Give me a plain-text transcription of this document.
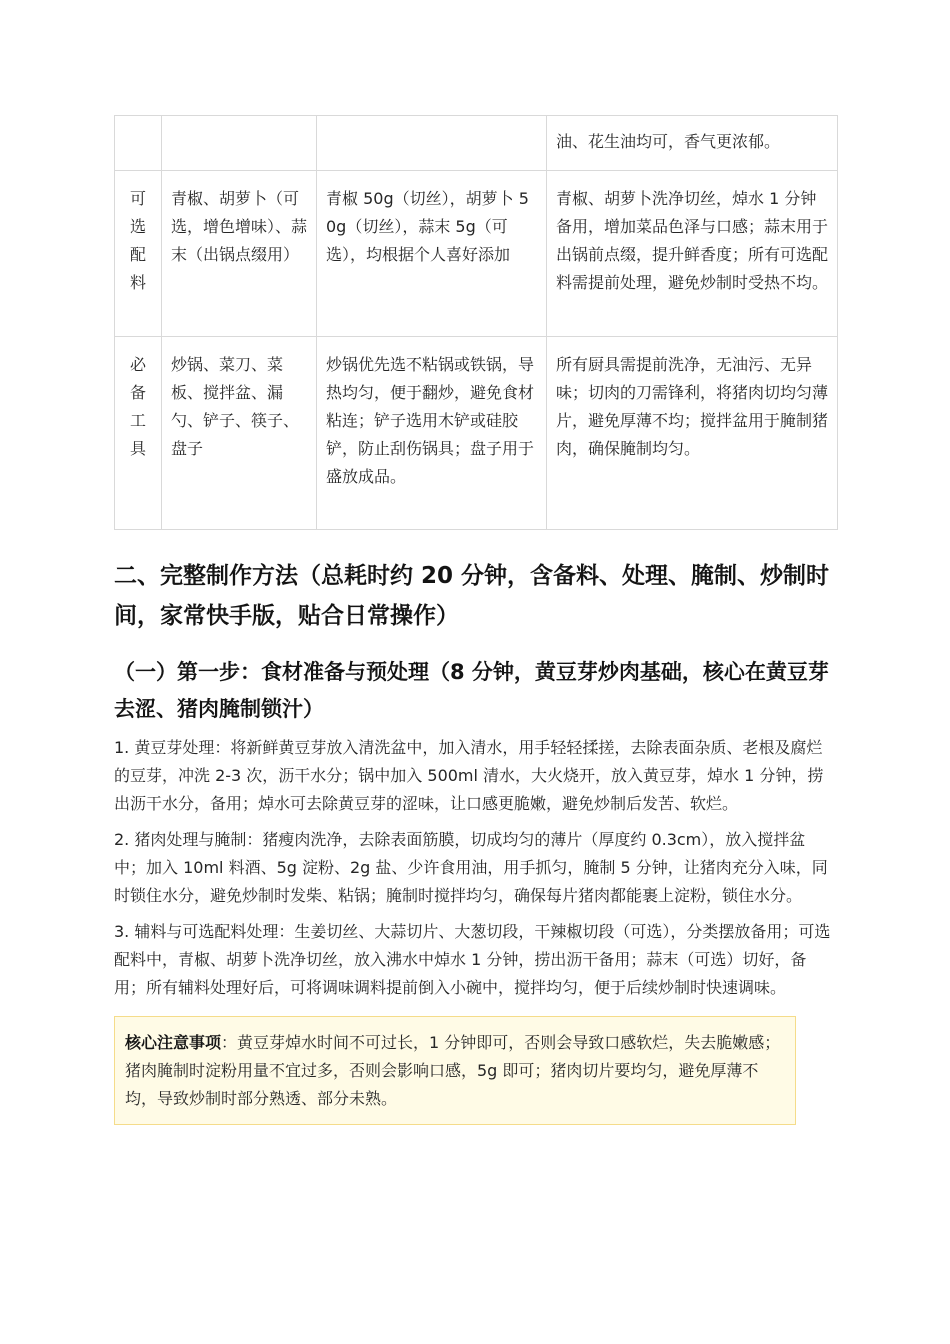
			油、花生油均可，香气更浓郁。

可选配料	青椒、胡萝卜（可选，增色增味）、蒜末（出锅点缀用）	青椒 50g（切丝），胡萝卜 50g（切丝），蒜末 5g（可选），均根据个人喜好添加	青椒、胡萝卜洗净切丝，焯水 1 分钟备用，增加菜品色泽与口感；蒜末用于出锅前点缀，提升鲜香度；所有可选配料需提前处理，避免炒制时受热不均。

必备工具	炒锅、菜刀、菜板、搅拌盆、漏勺、铲子、筷子、盘子	炒锅优先选不粘锅或铁锅，导热均匀，便于翻炒，避免食材粘连；铲子选用木铲或硅胶铲，防止刮伤锅具；盘子用于盛放成品。	所有厨具需提前洗净，无油污、无异味；切肉的刀需锋利，将猪肉切均匀薄片，避免厚薄不均；搅拌盆用于腌制猪肉，确保腌制均匀。
二、完整制作方法（总耗时约 20 分钟，含备料、处理、腌制、炒制时间，家常快手版，贴合日常操作）
（一）第一步：食材准备与预处理（8 分钟，黄豆芽炒肉基础，核心在黄豆芽去涩、猪肉腌制锁汁）

1. 黄豆芽处理：将新鲜黄豆芽放入清洗盆中，加入清水，用手轻轻揉搓，去除表面杂质、老根及腐烂的豆芽，冲洗 2-3 次，沥干水分；锅中加入 500ml 清水，大火烧开，放入黄豆芽，焯水 1 分钟，捞出沥干水分，备用；焯水可去除黄豆芽的涩味，让口感更脆嫩，避免炒制后发苦、软烂。

2. 猪肉处理与腌制：猪瘦肉洗净，去除表面筋膜，切成均匀的薄片（厚度约 0.3cm），放入搅拌盆中；加入 10ml 料酒、5g 淀粉、2g 盐、少许食用油，用手抓匀，腌制 5 分钟，让猪肉充分入味，同时锁住水分，避免炒制时发柴、粘锅；腌制时搅拌均匀，确保每片猪肉都能裹上淀粉，锁住水分。

3. 辅料与可选配料处理：生姜切丝、大蒜切片、大葱切段，干辣椒切段（可选），分类摆放备用；可选配料中，青椒、胡萝卜洗净切丝，放入沸水中焯水 1 分钟，捞出沥干备用；蒜末（可选）切好，备用；所有辅料处理好后，可将调味调料提前倒入小碗中，搅拌均匀，便于后续炒制时快速调味。

核心注意事项：黄豆芽焯水时间不可过长，1 分钟即可，否则会导致口感软烂，失去脆嫩感；猪肉腌制时淀粉用量不宜过多，否则会影响口感，5g 即可；猪肉切片要均匀，避免厚薄不均，导致炒制时部分熟透、部分未熟。
